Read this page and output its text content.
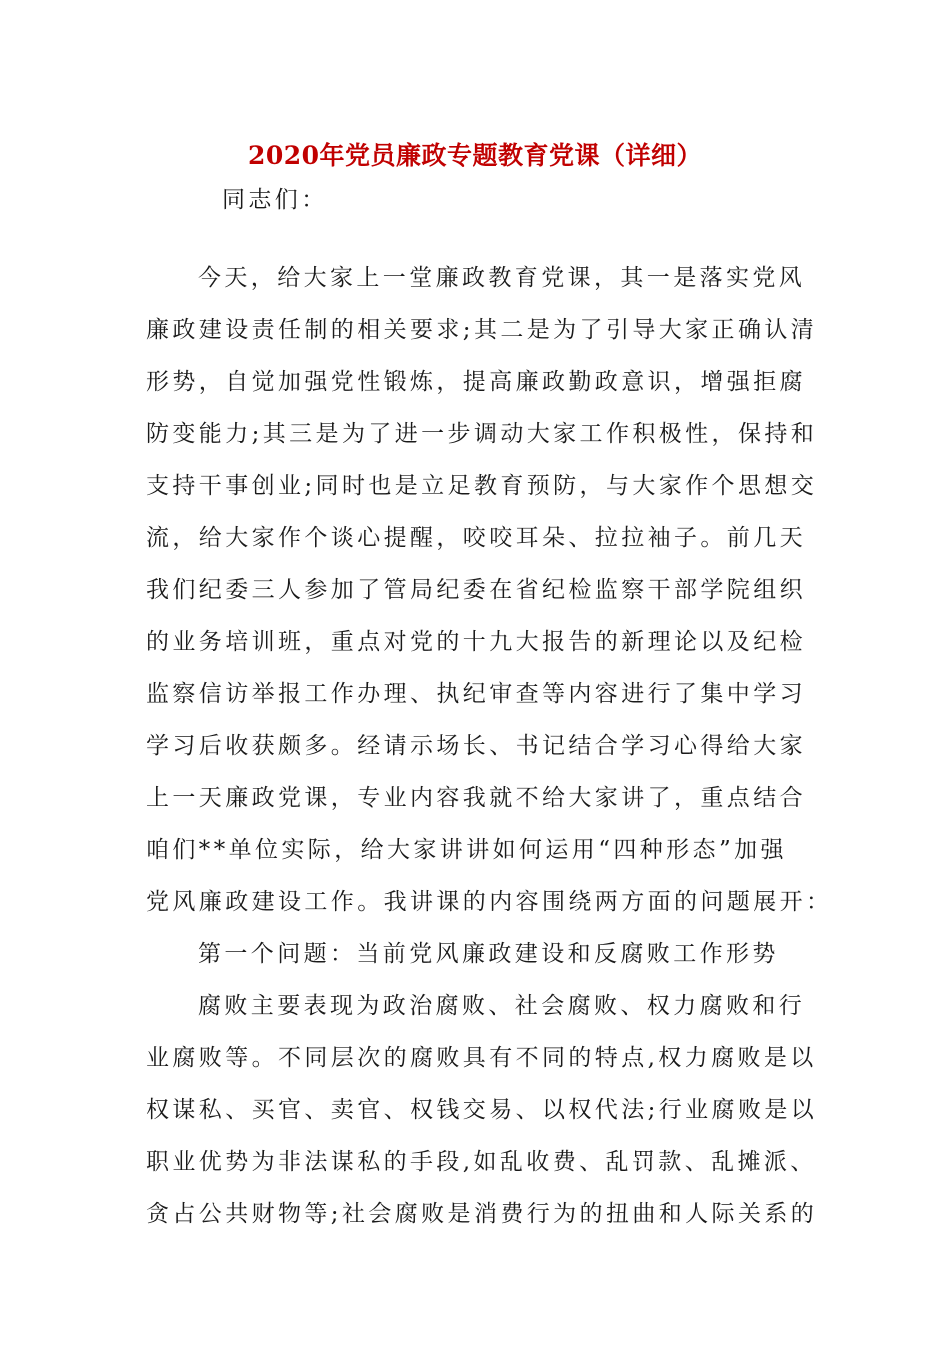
2020年党员廉政专题教育党课（详细）
同志们：
今天，给大家上一堂廉政教育党课，其一是落实党风
廉政建设责任制的相关要求;其二是为了引导大家正确认清
形势，自觉加强党性锻炼，提高廉政勤政意识，增强拒腐
防变能力;其三是为了进一步调动大家工作积极性，保持和
支持干事创业;同时也是立足教育预防，与大家作个思想交
流，给大家作个谈心提醒，咬咬耳朵、拉拉袖子。前几天
我们纪委三人参加了管局纪委在省纪检监察干部学院组织
的业务培训班，重点对党的十九大报告的新理论以及纪检
监察信访举报工作办理、执纪审查等内容进行了集中学习
学习后收获颇多。经请示场长、书记结合学习心得给大家
上一天廉政党课，专业内容我就不给大家讲了，重点结合
咱们**单位实际，给大家讲讲如何运用“四种形态”加强
党风廉政建设工作。我讲课的内容围绕两方面的问题展开：
第一个问题：当前党风廉政建设和反腐败工作形势
腐败主要表现为政治腐败、社会腐败、权力腐败和行
业腐败等。不同层次的腐败具有不同的特点,权力腐败是以
权谋私、买官、卖官、权钱交易、以权代法;行业腐败是以
职业优势为非法谋私的手段,如乱收费、乱罚款、乱摊派、
贪占公共财物等;社会腐败是消费行为的扭曲和人际关系的
